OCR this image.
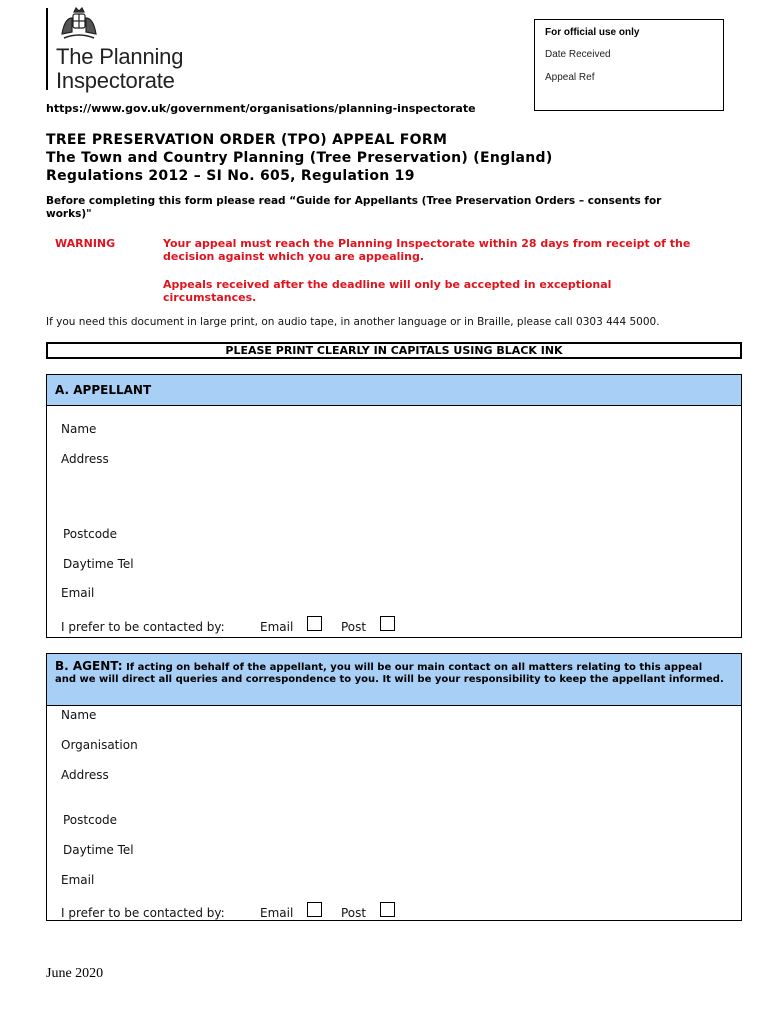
The Planning
Inspectorate
https://www.gov.uk/government/organisations/planning-inspectorate
For official use only
Date Received
Appeal Ref
TREE PRESERVATION ORDER (TPO) APPEAL FORM
The Town and Country Planning (Tree Preservation) (England)
Regulations 2012 – SI No. 605, Regulation 19
Before completing this form please read “Guide for Appellants (Tree Preservation Orders – consents for works)"
WARNING	Your appeal must reach the Planning Inspectorate within 28 days from receipt of the decision against which you are appealing.
Appeals received after the deadline will only be accepted in exceptional circumstances.
If you need this document in large print, on audio tape, in another language or in Braille, please call 0303 444 5000.
PLEASE PRINT CLEARLY IN CAPITALS USING BLACK INK
A. APPELLANT
Name
Address
Postcode
Daytime Tel
Email
I prefer to be contacted by:	Email	Post
B. AGENT: If acting on behalf of the appellant, you will be our main contact on all matters relating to this appeal and we will direct all queries and correspondence to you. It will be your responsibility to keep the appellant informed.
Name
Organisation
Address
Postcode
Daytime Tel
Email
I prefer to be contacted by:	Email	Post
June 2020
